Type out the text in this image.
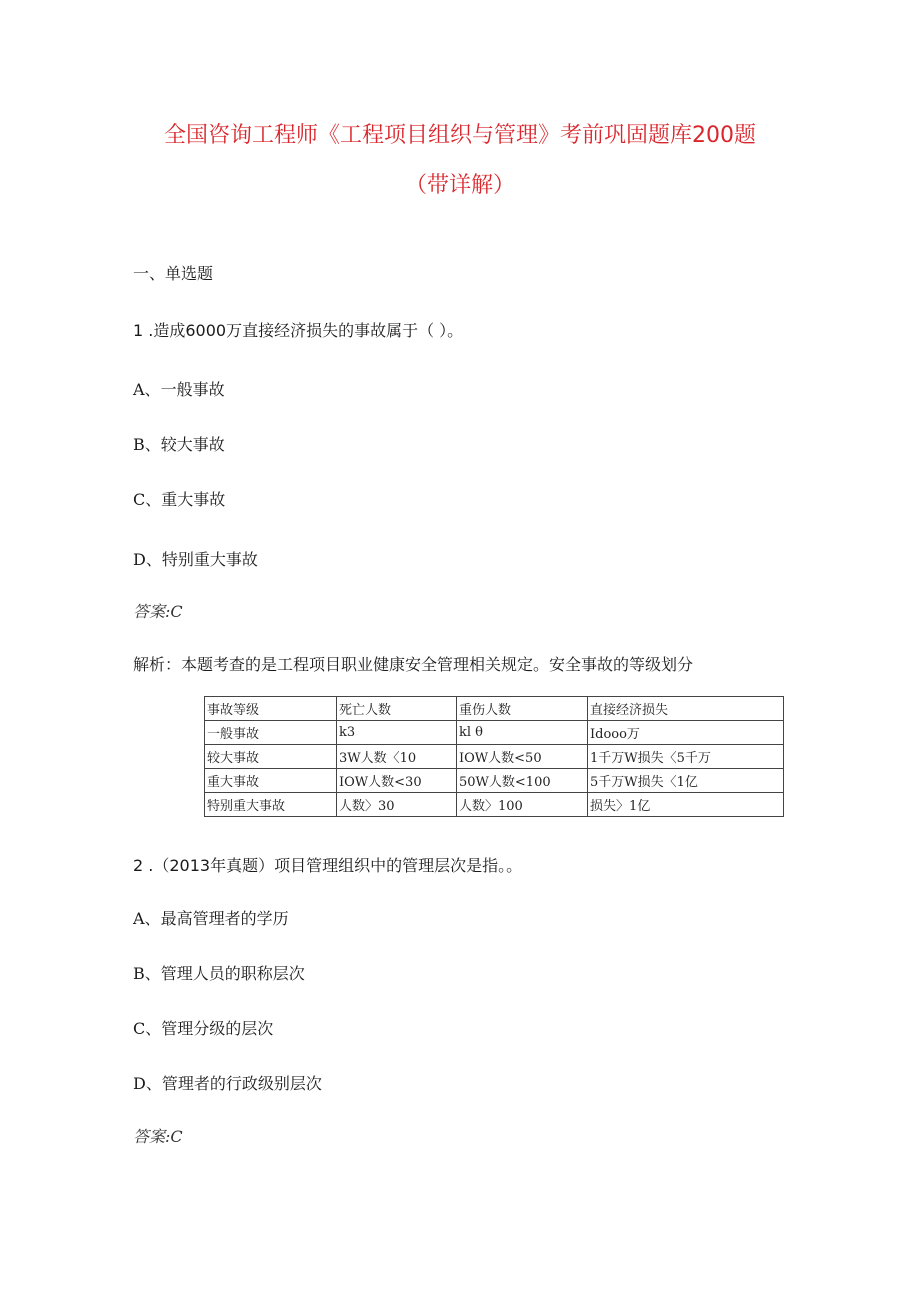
全国咨询工程师《工程项目组织与管理》考前巩固题库200题
（带详解）
一、单选题
1 .造成6000万直接经济损失的事故属于（ ）。
A、一般事故
B、较大事故
C、重大事故
D、特别重大事故
答案:C
解析：本题考查的是工程项目职业健康安全管理相关规定。安全事故的等级划分
事故等级	死亡人数	重伤人数	直接经济损失
一般事故	k3	kl θ	Idooo万
较大事故	3W人数〈10	IOW人数<50	1千万W损失〈5千万
重大事故	IOW人数<30	50W人数<100	5千万W损失〈1亿
特别重大事故	人数〉30	人数〉100	损失〉1亿
2 .（2013年真题）项目管理组织中的管理层次是指。。
A、最高管理者的学历
B、管理人员的职称层次
C、管理分级的层次
D、管理者的行政级别层次
答案:C
